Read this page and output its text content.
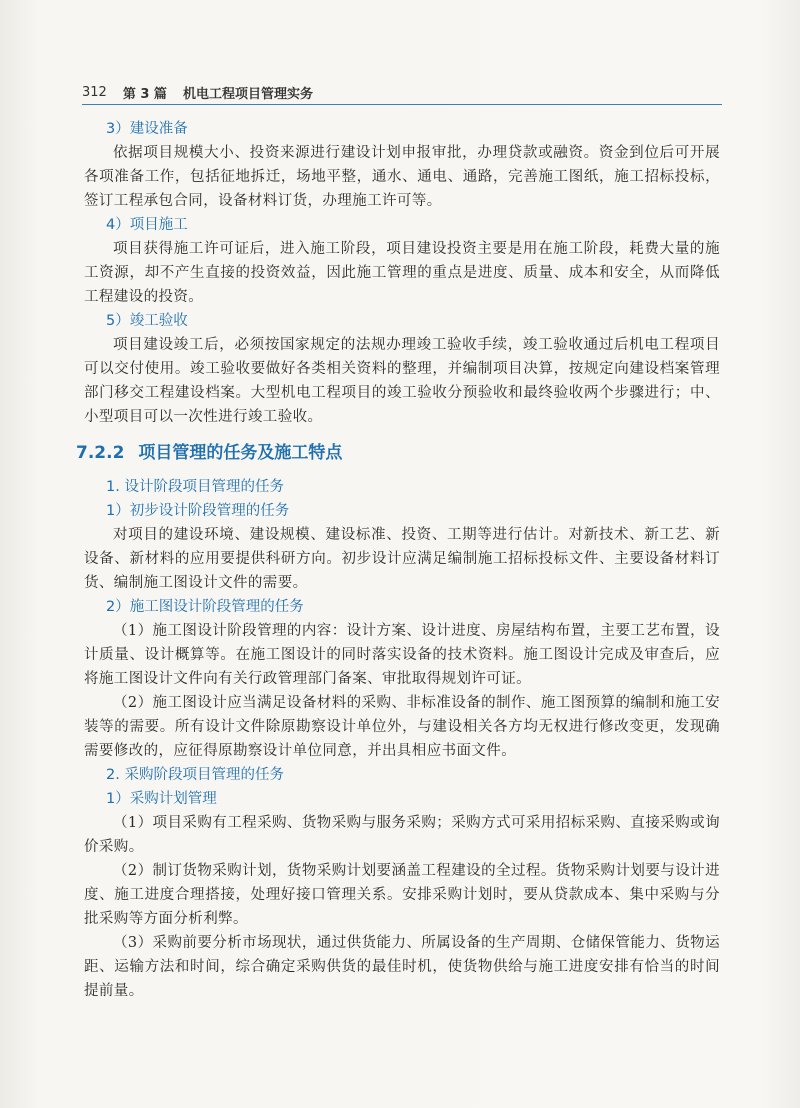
312 第 3 篇 机电工程项目管理实务
3）建设准备

依据项目规模大小、投资来源进行建设计划申报审批，办理贷款或融资。资金到位后可开展各项准备工作，包括征地拆迁，场地平整，通水、通电、通路，完善施工图纸，施工招标投标，签订工程承包合同，设备材料订货，办理施工许可等。

4）项目施工

项目获得施工许可证后，进入施工阶段，项目建设投资主要是用在施工阶段，耗费大量的施工资源，却不产生直接的投资效益，因此施工管理的重点是进度、质量、成本和安全，从而降低工程建设的投资。

5）竣工验收

项目建设竣工后，必须按国家规定的法规办理竣工验收手续，竣工验收通过后机电工程项目可以交付使用。竣工验收要做好各类相关资料的整理，并编制项目决算，按规定向建设档案管理部门移交工程建设档案。大型机电工程项目的竣工验收分预验收和最终验收两个步骤进行；中、小型项目可以一次性进行竣工验收。

7.2.2 项目管理的任务及施工特点
1. 设计阶段项目管理的任务
1）初步设计阶段管理的任务

对项目的建设环境、建设规模、建设标准、投资、工期等进行估计。对新技术、新工艺、新设备、新材料的应用要提供科研方向。初步设计应满足编制施工招标投标文件、主要设备材料订货、编制施工图设计文件的需要。

2）施工图设计阶段管理的任务

（1）施工图设计阶段管理的内容：设计方案、设计进度、房屋结构布置，主要工艺布置，设计质量、设计概算等。在施工图设计的同时落实设备的技术资料。施工图设计完成及审查后，应将施工图设计文件向有关行政管理部门备案、审批取得规划许可证。

（2）施工图设计应当满足设备材料的采购、非标准设备的制作、施工图预算的编制和施工安装等的需要。所有设计文件除原勘察设计单位外，与建设相关各方均无权进行修改变更，发现确需要修改的，应征得原勘察设计单位同意，并出具相应书面文件。

2. 采购阶段项目管理的任务
1）采购计划管理

（1）项目采购有工程采购、货物采购与服务采购；采购方式可采用招标采购、直接采购或询价采购。

（2）制订货物采购计划，货物采购计划要涵盖工程建设的全过程。货物采购计划要与设计进度、施工进度合理搭接，处理好接口管理关系。安排采购计划时，要从贷款成本、集中采购与分批采购等方面分析利弊。

（3）采购前要分析市场现状，通过供货能力、所属设备的生产周期、仓储保管能力、货物运距、运输方法和时间，综合确定采购供货的最佳时机，使货物供给与施工进度安排有恰当的时间提前量。
